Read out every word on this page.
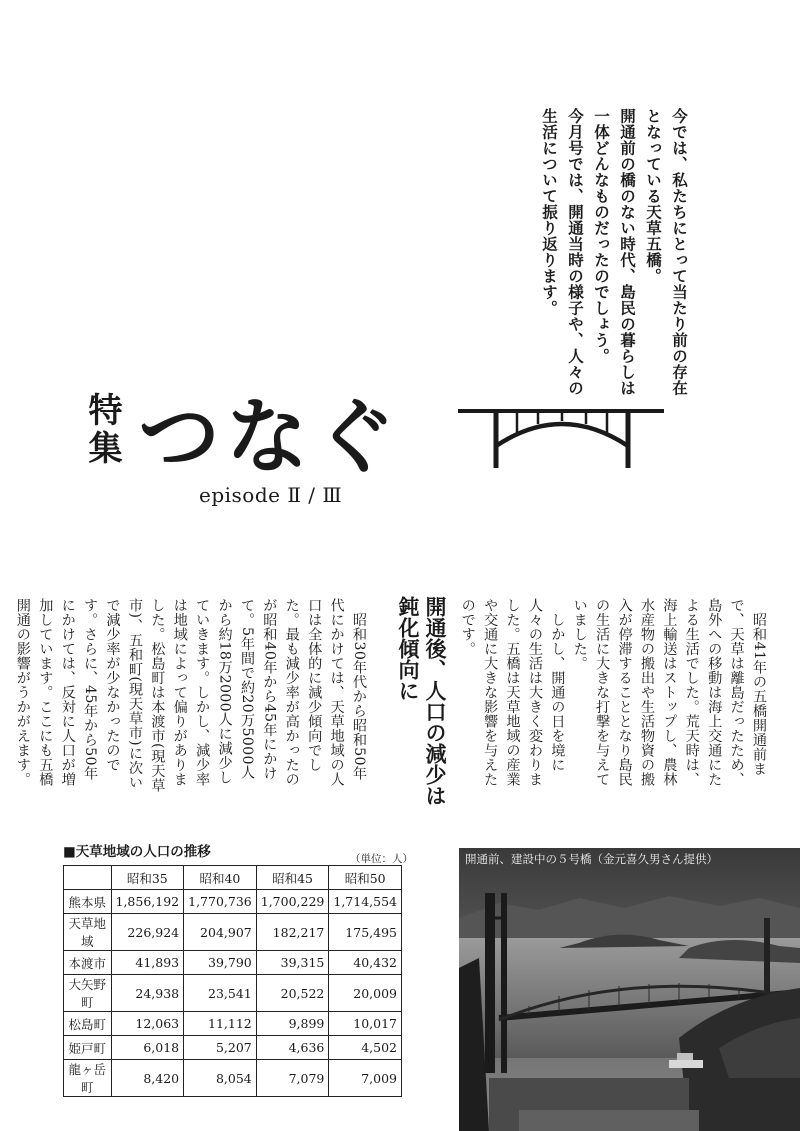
今では、私たちにとって当たり前の存在となっている天草五橋。
開通前の橋のない時代、島民の暮らしは一体どんなものだったのでしょう。
今月号では、開通当時の様子や、人々の生活について振り返ります。

特集 つなぐ

episode Ⅱ / Ⅲ

　昭和41年の五橋開通前まで、天草は離島だったため、島外への移動は海上交通にたよる生活でした。荒天時は、海上輸送はストップし、農林水産物の搬出や生活物資の搬入が停滞することとなり島民の生活に大きな打撃を与えていました。
　しかし、開通の日を境に人々の生活は大きく変わりました。五橋は天草地域の産業や交通に大きな影響を与えたのです。

開通後、人口の減少は
鈍化傾向に

　昭和30年代から昭和50年代にかけては、天草地域の人口は全体的に減少傾向でした。最も減少率が高かったのが昭和40年から45年にかけて。5年間で約20万5000人から約18万2000人に減少していきます。しかし、減少率は地域によって偏りがありました。松島町は本渡市(現天草市)、五和町(現天草市)に次いで減少率が少なかったのです。さらに、45年から50年にかけては、反対に人口が増加しています。ここにも五橋開通の影響がうかがえます。

■天草地域の人口の推移	（単位：人）

	昭和35	昭和40	昭和45	昭和50
熊本県	1,856,192	1,770,736	1,700,229	1,714,554
天草地域	226,924	204,907	182,217	175,495
本渡市	41,893	39,790	39,315	40,432
大矢野町	24,938	23,541	20,522	20,009
松島町	12,063	11,112	9,899	10,017
姫戸町	6,018	5,207	4,636	4,502
龍ヶ岳町	8,420	8,054	7,079	7,009

開通前、建設中の５号橋（金元喜久男さん提供）
